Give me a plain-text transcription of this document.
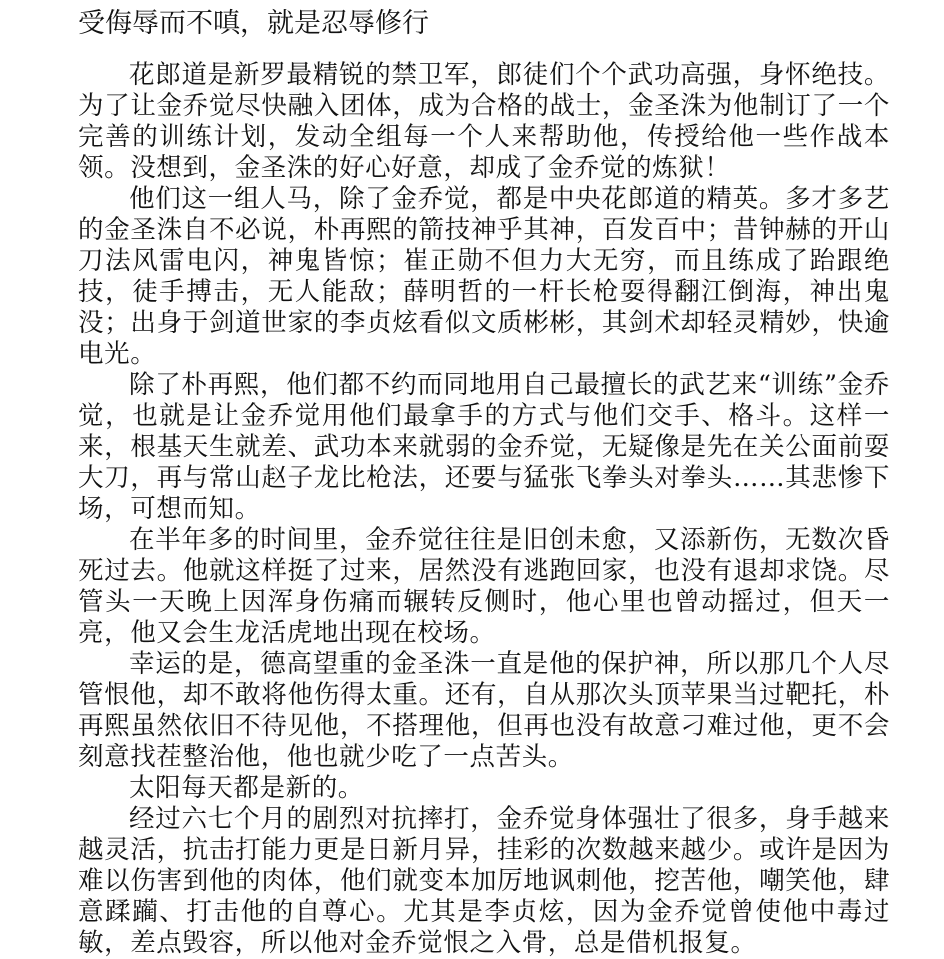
受侮辱而不嗔，就是忍辱修行

花郎道是新罗最精锐的禁卫军，郎徒们个个武功高强，身怀绝技。为了让金乔觉尽快融入团体，成为合格的战士，金圣洙为他制订了一个完善的训练计划，发动全组每一个人来帮助他，传授给他一些作战本领。没想到，金圣洙的好心好意，却成了金乔觉的炼狱！

他们这一组人马，除了金乔觉，都是中央花郎道的精英。多才多艺的金圣洙自不必说，朴再熙的箭技神乎其神，百发百中；昔钟赫的开山刀法风雷电闪，神鬼皆惊；崔正勋不但力大无穷，而且练成了跆跟绝技，徒手搏击，无人能敌；薛明哲的一杆长枪耍得翻江倒海，神出鬼没；出身于剑道世家的李贞炫看似文质彬彬，其剑术却轻灵精妙，快逾电光。

除了朴再熙，他们都不约而同地用自己最擅长的武艺来“训练”金乔觉，也就是让金乔觉用他们最拿手的方式与他们交手、格斗。这样一来，根基天生就差、武功本来就弱的金乔觉，无疑像是先在关公面前耍大刀，再与常山赵子龙比枪法，还要与猛张飞拳头对拳头……其悲惨下场，可想而知。

在半年多的时间里，金乔觉往往是旧创未愈，又添新伤，无数次昏死过去。他就这样挺了过来，居然没有逃跑回家，也没有退却求饶。尽管头一天晚上因浑身伤痛而辗转反侧时，他心里也曾动摇过，但天一亮，他又会生龙活虎地出现在校场。

幸运的是，德高望重的金圣洙一直是他的保护神，所以那几个人尽管恨他，却不敢将他伤得太重。还有，自从那次头顶苹果当过靶托，朴再熙虽然依旧不待见他，不搭理他，但再也没有故意刁难过他，更不会刻意找茬整治他，他也就少吃了一点苦头。

太阳每天都是新的。

经过六七个月的剧烈对抗摔打，金乔觉身体强壮了很多，身手越来越灵活，抗击打能力更是日新月异，挂彩的次数越来越少。或许是因为难以伤害到他的肉体，他们就变本加厉地讽刺他，挖苦他，嘲笑他，肆意蹂躏、打击他的自尊心。尤其是李贞炫，因为金乔觉曾使他中毒过敏，差点毁容，所以他对金乔觉恨之入骨，总是借机报复。
